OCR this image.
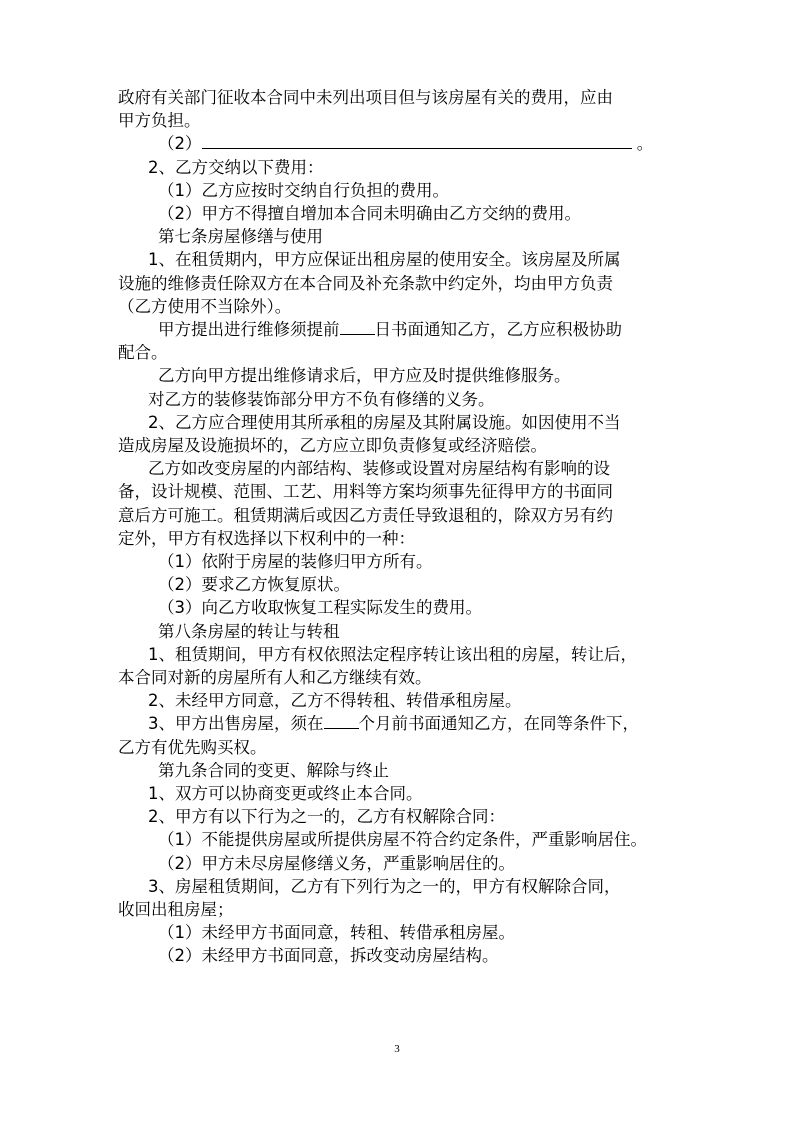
政府有关部门征收本合同中未列出项目但与该房屋有关的费用，应由
甲方负担。
（2）	。
2、乙方交纳以下费用：
（1）乙方应按时交纳自行负担的费用。
（2）甲方不得擅自增加本合同未明确由乙方交纳的费用。
第七条房屋修缮与使用
1、在租赁期内，甲方应保证出租房屋的使用安全。该房屋及所属
设施的维修责任除双方在本合同及补充条款中约定外，均由甲方负责
（乙方使用不当除外）。
甲方提出进行维修须提前 日书面通知乙方，乙方应积极协助
配合。
乙方向甲方提出维修请求后，甲方应及时提供维修服务。
对乙方的装修装饰部分甲方不负有修缮的义务。
2、乙方应合理使用其所承租的房屋及其附属设施。如因使用不当
造成房屋及设施损坏的，乙方应立即负责修复或经济赔偿。
乙方如改变房屋的内部结构、装修或设置对房屋结构有影响的设
备，设计规模、范围、工艺、用料等方案均须事先征得甲方的书面同
意后方可施工。租赁期满后或因乙方责任导致退租的，除双方另有约
定外，甲方有权选择以下权利中的一种：
（1）依附于房屋的装修归甲方所有。
（2）要求乙方恢复原状。
（3）向乙方收取恢复工程实际发生的费用。
第八条房屋的转让与转租
1、租赁期间，甲方有权依照法定程序转让该出租的房屋，转让后，
本合同对新的房屋所有人和乙方继续有效。
2、未经甲方同意，乙方不得转租、转借承租房屋。
3、甲方出售房屋，须在 个月前书面通知乙方，在同等条件下，
乙方有优先购买权。
第九条合同的变更、解除与终止
1、双方可以协商变更或终止本合同。
2、甲方有以下行为之一的，乙方有权解除合同：
（1）不能提供房屋或所提供房屋不符合约定条件，严重影响居住。
（2）甲方未尽房屋修缮义务，严重影响居住的。
3、房屋租赁期间，乙方有下列行为之一的，甲方有权解除合同，
收回出租房屋；
（1）未经甲方书面同意，转租、转借承租房屋。
（2）未经甲方书面同意，拆改变动房屋结构。
3
